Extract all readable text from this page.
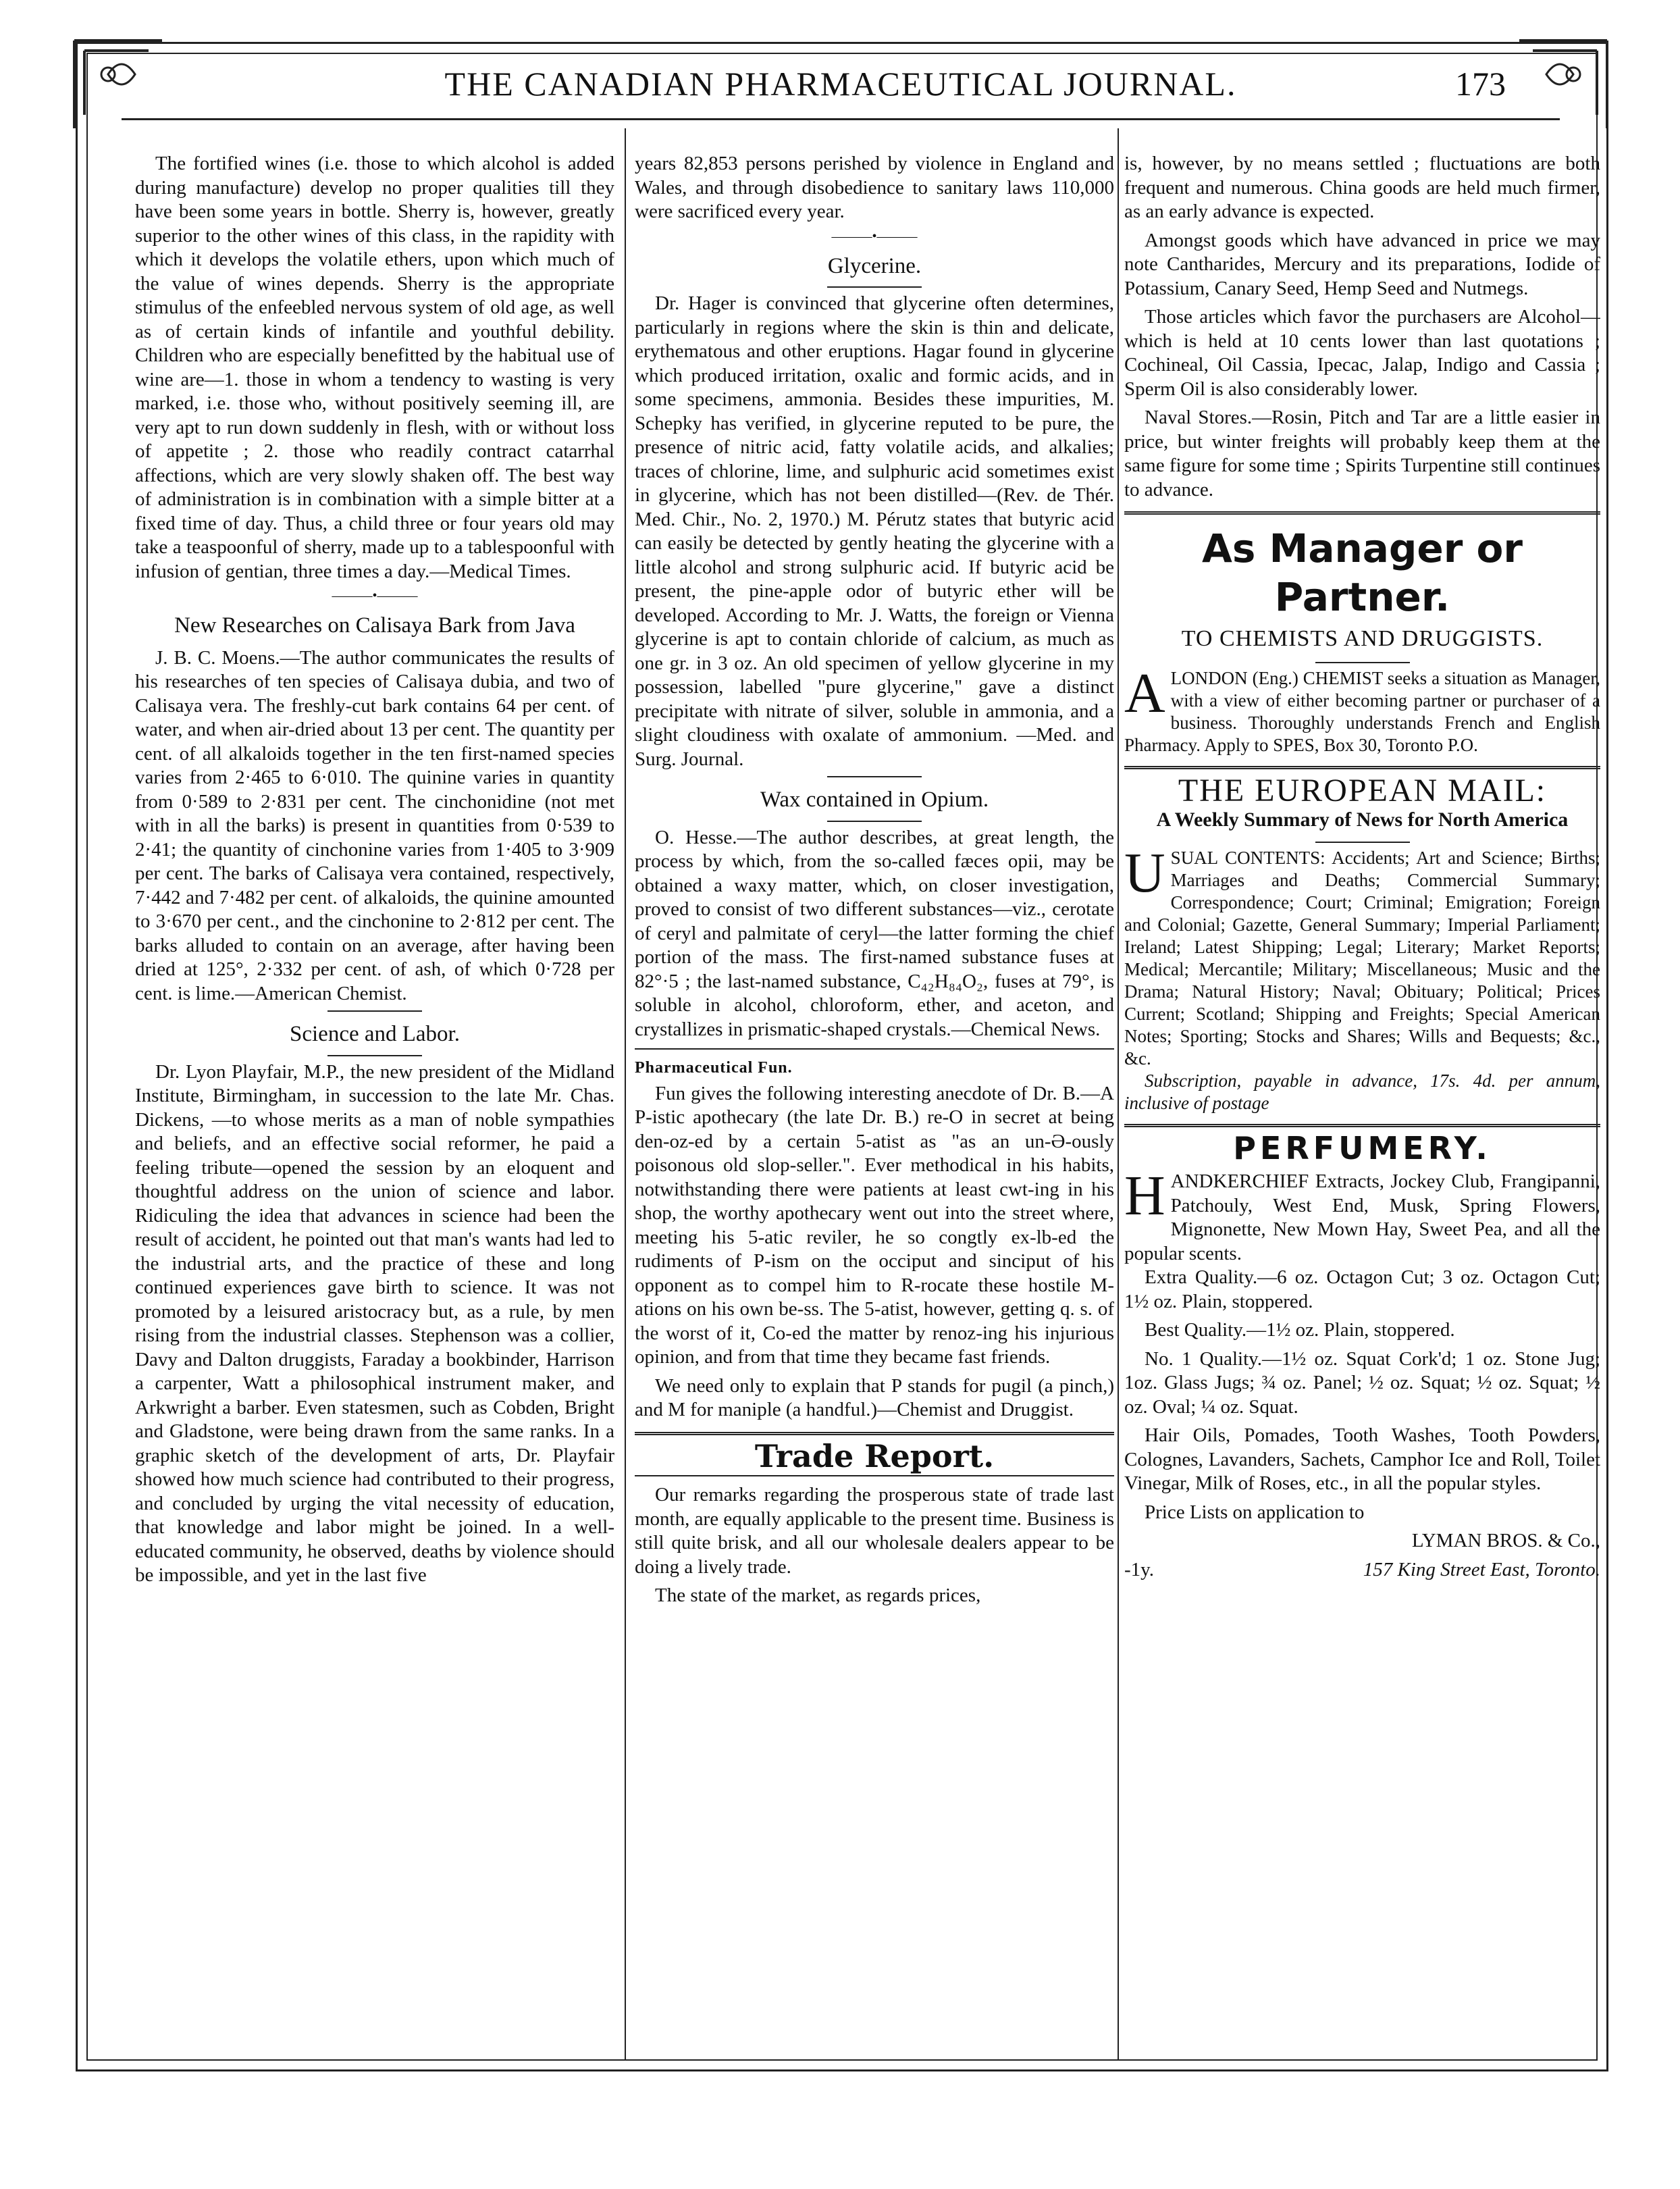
THE CANADIAN PHARMACEUTICAL JOURNAL.	173

The fortified wines (i.e. those to which alcohol is added during manufacture) develop no proper qualities till they have been some years in bottle. Sherry is, however, greatly superior to the other wines of this class, in the rapidity with which it develops the volatile ethers, upon which much of the value of wines depends. Sherry is the appropriate stimulus of the enfeebled nervous system of old age, as well as of certain kinds of infantile and youthful debility. Children who are especially benefitted by the habitual use of wine are—1. those in whom a tendency to wasting is very marked, i.e. those who, without positively seeming ill, are very apt to run down suddenly in flesh, with or without loss of appetite ; 2. those who readily contract catarrhal affections, which are very slowly shaken off. The best way of administration is in combination with a simple bitter at a fixed time of day. Thus, a child three or four years old may take a teaspoonful of sherry, made up to a tablespoonful with infusion of gentian, three times a day.—Medical Times.

———•———
New Researches on Calisaya Bark from Java

J. B. C. Moens.—The author communicates the results of his researches of ten species of Calisaya dubia, and two of Calisaya vera. The freshly-cut bark contains 64 per cent. of water, and when air-dried about 13 per cent. The quantity per cent. of all alkaloids together in the ten first-named species varies from 2·465 to 6·010. The quinine varies in quantity from 0·589 to 2·831 per cent. The cinchonidine (not met with in all the barks) is present in quantities from 0·539 to 2·41; the quantity of cinchonine varies from 1·405 to 3·909 per cent. The barks of Calisaya vera contained, respectively, 7·442 and 7·482 per cent. of alkaloids, the quinine amounted to 3·670 per cent., and the cinchonine to 2·812 per cent. The barks alluded to contain on an average, after having been dried at 125°, 2·332 per cent. of ash, of which 0·728 per cent. is lime.—American Chemist.

Science and Labor.

Dr. Lyon Playfair, M.P., the new president of the Midland Institute, Birmingham, in succession to the late Mr. Chas. Dickens, —to whose merits as a man of noble sympathies and beliefs, and an effective social reformer, he paid a feeling tribute—opened the session by an eloquent and thoughtful address on the union of science and labor. Ridiculing the idea that advances in science had been the result of accident, he pointed out that man's wants had led to the industrial arts, and the practice of these and long continued experiences gave birth to science. It was not promoted by a leisured aristocracy but, as a rule, by men rising from the industrial classes. Stephenson was a collier, Davy and Dalton druggists, Faraday a bookbinder, Harrison a carpenter, Watt a philosophical instrument maker, and Arkwright a barber. Even statesmen, such as Cobden, Bright and Gladstone, were being drawn from the same ranks. In a graphic sketch of the development of arts, Dr. Playfair showed how much science had contributed to their progress, and concluded by urging the vital necessity of education, that knowledge and labor might be joined. In a well-educated community, he observed, deaths by violence should be impossible, and yet in the last five

years 82,853 persons perished by violence in England and Wales, and through disobedience to sanitary laws 110,000 were sacrificed every year.

———•———
Glycerine.

Dr. Hager is convinced that glycerine often determines, particularly in regions where the skin is thin and delicate, erythematous and other eruptions. Hagar found in glycerine which produced irritation, oxalic and formic acids, and in some specimens, ammonia. Besides these impurities, M. Schepky has verified, in glycerine reputed to be pure, the presence of nitric acid, fatty volatile acids, and alkalies; traces of chlorine, lime, and sulphuric acid sometimes exist in glycerine, which has not been distilled—(Rev. de Thér. Med. Chir., No. 2, 1970.) M. Pérutz states that butyric acid can easily be detected by gently heating the glycerine with a little alcohol and strong sulphuric acid. If butyric acid be present, the pine-apple odor of butyric ether will be developed. According to Mr. J. Watts, the foreign or Vienna glycerine is apt to contain chloride of calcium, as much as one gr. in 3 oz. An old specimen of yellow glycerine in my possession, labelled "pure glycerine," gave a distinct precipitate with nitrate of silver, soluble in ammonia, and a slight cloudiness with oxalate of ammonium. —Med. and Surg. Journal.

Wax contained in Opium.

O. Hesse.—The author describes, at great length, the process by which, from the so-called fæces opii, may be obtained a waxy matter, which, on closer investigation, proved to consist of two different substances—viz., cerotate of ceryl and palmitate of ceryl—the latter forming the chief portion of the mass. The first-named substance fuses at 82°·5 ; the last-named substance, C₄₂H₈₄O₂, fuses at 79°, is soluble in alcohol, chloroform, ether, and aceton, and crystallizes in prismatic-shaped crystals.—Chemical News.

Pharmaceutical Fun.

Fun gives the following interesting anecdote of Dr. B.—A P-istic apothecary (the late Dr. B.) re-O in secret at being den-oz-ed by a certain 5-atist as "as an un-Ə-ously poisonous old slop-seller.". Ever methodical in his habits, notwithstanding there were patients at least cwt-ing in his shop, the worthy apothecary went out into the street where, meeting his 5-atic reviler, he so congtly ex-lb-ed the rudiments of P-ism on the occiput and sinciput of his opponent as to compel him to R-rocate these hostile M-ations on his own be-ss. The 5-atist, however, getting q. s. of the worst of it, Co-ed the matter by renoz-ing his injurious opinion, and from that time they became fast friends.

We need only to explain that P stands for pugil (a pinch,) and M for maniple (a handful.)—Chemist and Druggist.

Trade Report.

Our remarks regarding the prosperous state of trade last month, are equally applicable to the present time. Business is still quite brisk, and all our wholesale dealers appear to be doing a lively trade.

The state of the market, as regards prices,

is, however, by no means settled ; fluctuations are both frequent and numerous. China goods are held much firmer, as an early advance is expected.

Amongst goods which have advanced in price we may note Cantharides, Mercury and its preparations, Iodide of Potassium, Canary Seed, Hemp Seed and Nutmegs.

Those articles which favor the purchasers are Alcohol—which is held at 10 cents lower than last quotations ; Cochineal, Oil Cassia, Ipecac, Jalap, Indigo and Cassia ; Sperm Oil is also considerably lower.

Naval Stores.—Rosin, Pitch and Tar are a little easier in price, but winter freights will probably keep them at the same figure for some time ; Spirits Turpentine still continues to advance.

As Manager or Partner.
TO CHEMISTS AND DRUGGISTS.
A LONDON (Eng.) CHEMIST seeks a situation as Manager, with a view of either becoming partner or purchaser of a business. Thoroughly understands French and English Pharmacy. Apply to SPES, Box 30, Toronto P.O.
THE EUROPEAN MAIL:
A Weekly Summary of News for North America
U SUAL CONTENTS: Accidents; Art and Science; Births; Marriages and Deaths; Commercial Summary; Correspondence; Court; Criminal; Emigration; Foreign and Colonial; Gazette, General Summary; Imperial Parliament; Ireland; Latest Shipping; Legal; Literary; Market Reports; Medical; Mercantile; Military; Miscellaneous; Music and the Drama; Natural History; Naval; Obituary; Political; Prices Current; Scotland; Shipping and Freights; Special American Notes; Sporting; Stocks and Shares; Wills and Bequests; &c., &c.

Subscription, payable in advance, 17s. 4d. per annum, inclusive of postage

PERFUMERY.
H ANDKERCHIEF Extracts, Jockey Club, Frangipanni, Patchouly, West End, Musk, Spring Flowers, Mignonette, New Mown Hay, Sweet Pea, and all the popular scents.

Extra Quality.—6 oz. Octagon Cut; 3 oz. Octagon Cut; 1½ oz. Plain, stoppered.

Best Quality.—1½ oz. Plain, stoppered.

No. 1 Quality.—1½ oz. Squat Cork'd; 1 oz. Stone Jug; 1oz. Glass Jugs; ¾ oz. Panel; ½ oz. Squat; ½ oz. Squat; ½ oz. Oval; ¼ oz. Squat.

Hair Oils, Pomades, Tooth Washes, Tooth Powders, Colognes, Lavanders, Sachets, Camphor Ice and Roll, Toilet Vinegar, Milk of Roses, etc., in all the popular styles.

Price Lists on application to

LYMAN BROS. & Co.,

-1y.	157 King Street East, Toronto.
